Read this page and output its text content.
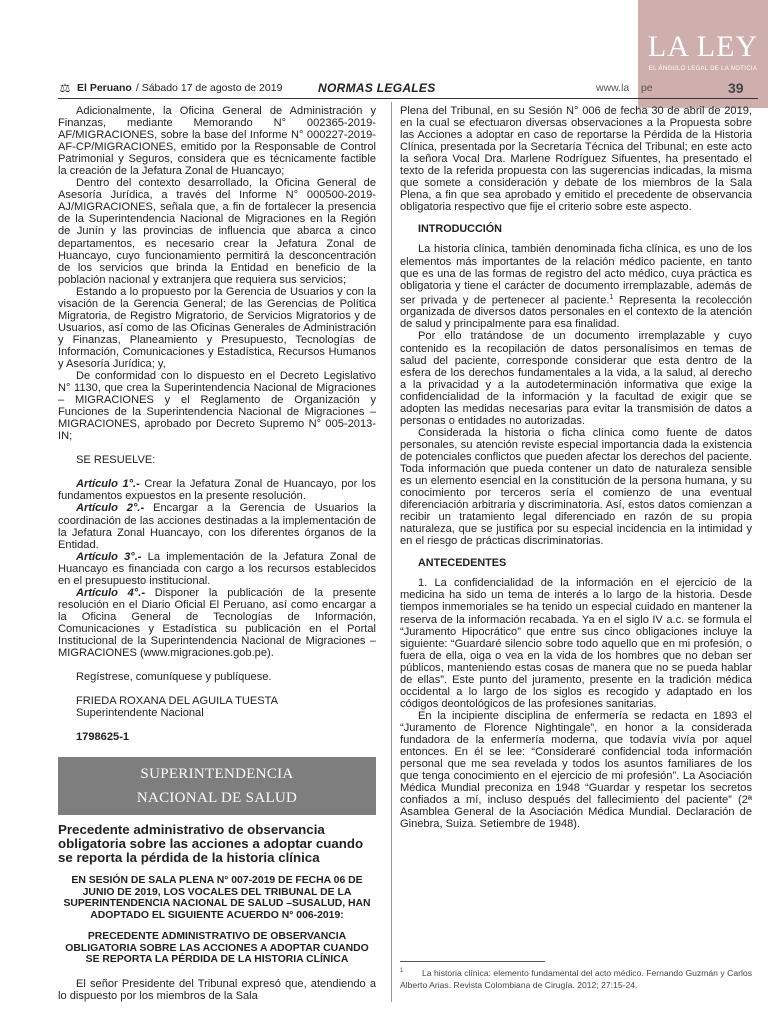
LA LEY
EL ÁNGULO LEGAL DE LA NOTICIA
⚖ El Peruano / Sábado 17 de agosto de 2019	NORMAS LEGALES	www.la pe	39

Adicionalmente, la Oficina General de Administración y Finanzas, mediante Memorando N° 002365-2019-AF/MIGRACIONES, sobre la base del Informe N° 000227-2019-AF-CP/MIGRACIONES, emitido por la Responsable de Control Patrimonial y Seguros, considera que es técnicamente factible la creación de la Jefatura Zonal de Huancayo;

Dentro del contexto desarrollado, la Oficina General de Asesoría Jurídica, a través del Informe N° 000500-2019-AJ/MIGRACIONES, señala que, a fin de fortalecer la presencia de la Superintendencia Nacional de Migraciones en la Región de Junín y las provincias de influencia que abarca a cinco departamentos, es necesario crear la Jefatura Zonal de Huancayo, cuyo funcionamiento permitirá la desconcentración de los servicios que brinda la Entidad en beneficio de la población nacional y extranjera que requiera sus servicios;

Estando a lo propuesto por la Gerencia de Usuarios y con la visación de la Gerencia General; de las Gerencias de Política Migratoria, de Registro Migratorio, de Servicios Migratorios y de Usuarios, así como de las Oficinas Generales de Administración y Finanzas, Planeamiento y Presupuesto, Tecnologías de Información, Comunicaciones y Estadística, Recursos Humanos y Asesoría Jurídica; y,

De conformidad con lo dispuesto en el Decreto Legislativo N° 1130, que crea la Superintendencia Nacional de Migraciones – MIGRACIONES y el Reglamento de Organización y Funciones de la Superintendencia Nacional de Migraciones – MIGRACIONES, aprobado por Decreto Supremo N° 005-2013-IN;

SE RESUELVE:

Artículo 1°.- Crear la Jefatura Zonal de Huancayo, por los fundamentos expuestos en la presente resolución.

Artículo 2°.- Encargar a la Gerencia de Usuarios la coordinación de las acciones destinadas a la implementación de la Jefatura Zonal Huancayo, con los diferentes órganos de la Entidad.

Artículo 3°.- La implementación de la Jefatura Zonal de Huancayo es financiada con cargo a los recursos establecidos en el presupuesto institucional.

Artículo 4°.- Disponer la publicación de la presente resolución en el Diario Oficial El Peruano, así como encargar a la Oficina General de Tecnologías de Información, Comunicaciones y Estadística su publicación en el Portal Institucional de la Superintendencia Nacional de Migraciones – MIGRACIONES (www.migraciones.gob.pe).

Regístrese, comuníquese y publíquese.

FRIEDA ROXANA DEL AGUILA TUESTA

Superintendente Nacional

1798625-1

SUPERINTENDENCIA
NACIONAL DE SALUD
Precedente administrativo de observancia obligatoria sobre las acciones a adoptar cuando se reporta la pérdida de la historia clínica
EN SESIÓN DE SALA PLENA N° 007-2019 DE FECHA 06 DE JUNIO DE 2019, LOS VOCALES DEL TRIBUNAL DE LA SUPERINTENDENCIA NACIONAL DE SALUD –SUSALUD, HAN ADOPTADO EL SIGUIENTE ACUERDO N° 006-2019:
PRECEDENTE ADMINISTRATIVO DE OBSERVANCIA OBLIGATORIA SOBRE LAS ACCIONES A ADOPTAR CUANDO SE REPORTA LA PÉRDIDA DE LA HISTORIA CLÍNICA

El señor Presidente del Tribunal expresó que, atendiendo a lo dispuesto por los miembros de la Sala

Plena del Tribunal, en su Sesión N° 006 de fecha 30 de abril de 2019, en la cual se efectuaron diversas observaciones a la Propuesta sobre las Acciones a adoptar en caso de reportarse la Pérdida de la Historia Clínica, presentada por la Secretaría Técnica del Tribunal; en este acto la señora Vocal Dra. Marlene Rodríguez Sifuentes, ha presentado el texto de la referida propuesta con las sugerencias indicadas, la misma que somete a consideración y debate de los miembros de la Sala Plena, a fin que sea aprobado y emitido el precedente de observancia obligatoria respectivo que fije el criterio sobre este aspecto.

INTRODUCCIÓN

La historia clínica, también denominada ficha clínica, es uno de los elementos más importantes de la relación médico paciente, en tanto que es una de las formas de registro del acto médico, cuya práctica es obligatoria y tiene el carácter de documento irremplazable, además de ser privada y de pertenecer al paciente.$^1$ Representa la recolección organizada de diversos datos personales en el contexto de la atención de salud y principalmente para esa finalidad.

Por ello tratándose de un documento irremplazable y cuyo contenido es la recopilación de datos personalísimos en temas de salud del paciente, corresponde considerar que esta dentro de la esfera de los derechos fundamentales a la vida, a la salud, al derecho a la privacidad y a la autodeterminación informativa que exige la confidencialidad de la información y la facultad de exigir que se adopten las medidas necesarias para evitar la transmisión de datos a personas o entidades no autorizadas.

Considerada la historia o ficha clínica como fuente de datos personales, su atención reviste especial importancia dada la existencia de potenciales conflictos que pueden afectar los derechos del paciente. Toda información que pueda contener un dato de naturaleza sensible es un elemento esencial en la constitución de la persona humana, y su conocimiento por terceros sería el comienzo de una eventual diferenciación arbitraria y discriminatoria. Así, estos datos comienzan a recibir un tratamiento legal diferenciado en razón de su propia naturaleza, que se justifica por su especial incidencia en la intimidad y en el riesgo de prácticas discriminatorias.

ANTECEDENTES

1. La confidencialidad de la información en el ejercicio de la medicina ha sido un tema de interés a lo largo de la historia. Desde tiempos inmemoriales se ha tenido un especial cuidado en mantener la reserva de la información recabada. Ya en el siglo IV a.c. se formula el “Juramento Hipocrático” que entre sus cinco obligaciones incluye la siguiente: “Guardaré silencio sobre todo aquello que en mi profesión, o fuera de ella, oiga o vea en la vida de los hombres que no deban ser públicos, manteniendo estas cosas de manera que no se pueda hablar de ellas”. Este punto del juramento, presente en la tradición médica occidental a lo largo de los siglos es recogido y adaptado en los códigos deontológicos de las profesiones sanitarias.

En la incipiente disciplina de enfermería se redacta en 1893 el “Juramento de Florence Nightingale”, en honor a la considerada fundadora de la enfermería moderna, que todavía vivía por aquel entonces. En él se lee: “Consideraré confidencial toda información personal que me sea revelada y todos los asuntos familiares de los que tenga conocimiento en el ejercicio de mi profesión”. La Asociación Médica Mundial preconiza en 1948 “Guardar y respetar los secretos confiados a mí, incluso después del fallecimiento del paciente” (2ª Asamblea General de la Asociación Médica Mundial. Declaración de Ginebra, Suiza. Setiembre de 1948).

1 La historia clínica: elemento fundamental del acto médico. Fernando Guzmán y Carlos Alberto Arias. Revista Colombiana de Cirugía. 2012; 27:15-24.
